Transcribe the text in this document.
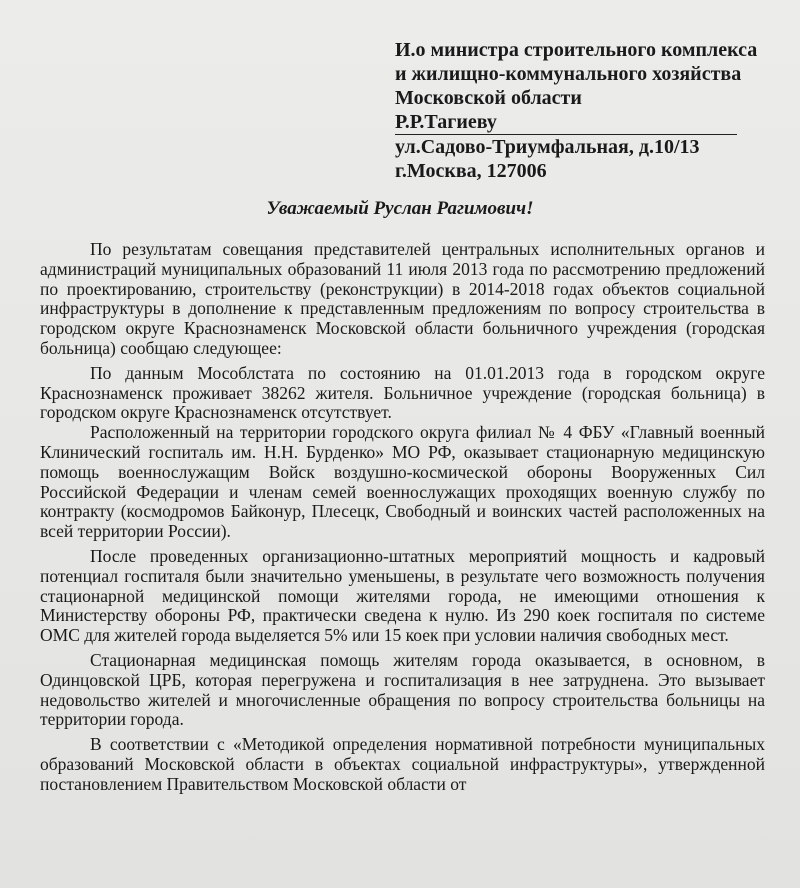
И.о министра строительного комплекса
и жилищно-коммунального хозяйства
Московской области
Р.Р.Тагиеву
ул.Садово-Триумфальная, д.10/13
г.Москва, 127006
Уважаемый Руслан Рагимович!

По результатам совещания представителей центральных исполнительных органов и администраций муниципальных образований 11 июля 2013 года по рассмотрению предложений по проектированию, строительству (реконструкции) в 2014-2018 годах объектов социальной инфраструктуры в дополнение к представленным предложениям по вопросу строительства в городском округе Краснознаменск Московской области больничного учреждения (городская больница) сообщаю следующее:

По данным Мособлстата по состоянию на 01.01.2013 года в городском округе Краснознаменск проживает 38262 жителя. Больничное учреждение (городская больница) в городском округе Краснознаменск отсутствует.

Расположенный на территории городского округа филиал № 4 ФБУ «Главный военный Клинический госпиталь им. Н.Н. Бурденко» МО РФ, оказывает стационарную медицинскую помощь военнослужащим Войск воздушно-космической обороны Вооруженных Сил Российской Федерации и членам семей военнослужащих проходящих военную службу по контракту (космодромов Байконур, Плесецк, Свободный и воинских частей расположенных на всей территории России).

После проведенных организационно-штатных мероприятий мощность и кадровый потенциал госпиталя были значительно уменьшены, в результате чего возможность получения стационарной медицинской помощи жителями города, не имеющими отношения к Министерству обороны РФ, практически сведена к нулю. Из 290 коек госпиталя по системе ОМС для жителей города выделяется 5% или 15 коек при условии наличия свободных мест.

Стационарная медицинская помощь жителям города оказывается, в основном, в Одинцовской ЦРБ, которая перегружена и госпитализация в нее затруднена. Это вызывает недовольство жителей и многочисленные обращения по вопросу строительства больницы на территории города.

В соответствии с «Методикой определения нормативной потребности муниципальных образований Московской области в объектах социальной инфраструктуры», утвержденной постановлением Правительством Московской области от
